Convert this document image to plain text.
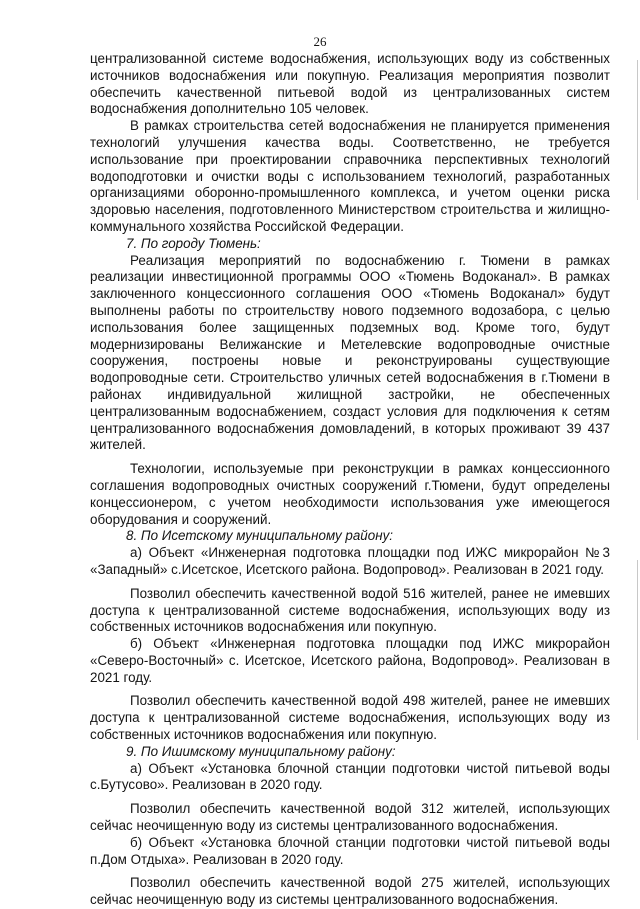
26

централизованной системе водоснабжения, использующих воду из собственных источников водоснабжения или покупную. Реализация мероприятия позволит обеспечить качественной питьевой водой из централизованных систем водоснабжения дополнительно 105 человек.

В рамках строительства сетей водоснабжения не планируется применения технологий улучшения качества воды. Соответственно, не требуется использование при проектировании справочника перспективных технологий водоподготовки и очистки воды с использованием технологий, разработанных организациями оборонно-промышленного комплекса, и учетом оценки риска здоровью населения, подготовленного Министерством строительства и жилищно-коммунального хозяйства Российской Федерации.

7. По городу Тюмень:

Реализация мероприятий по водоснабжению г. Тюмени в рамках реализации инвестиционной программы ООО «Тюмень Водоканал». В рамках заключенного концессионного соглашения ООО «Тюмень Водоканал» будут выполнены работы по строительству нового подземного водозабора, с целью использования более защищенных подземных вод. Кроме того, будут модернизированы Велижанские и Метелевские водопроводные очистные сооружения, построены новые и реконструированы существующие водопроводные сети. Строительство уличных сетей водоснабжения в г.Тюмени в районах индивидуальной жилищной застройки, не обеспеченных централизованным водоснабжением, создаст условия для подключения к сетям централизованного водоснабжения домовладений, в которых проживают 39 437 жителей.

Технологии, используемые при реконструкции в рамках концессионного соглашения водопроводных очистных сооружений г.Тюмени, будут определены концессионером, с учетом необходимости использования уже имеющегося оборудования и сооружений.

8. По Исетскому муниципальному району:

а) Объект «Инженерная подготовка площадки под ИЖС микрорайон №3 «Западный» с.Исетское, Исетского района. Водопровод». Реализован в 2021 году.

Позволил обеспечить качественной водой 516 жителей, ранее не имевших доступа к централизованной системе водоснабжения, использующих воду из собственных источников водоснабжения или покупную.

б) Объект «Инженерная подготовка площадки под ИЖС микрорайон «Северо-Восточный» с. Исетское, Исетского района, Водопровод». Реализован в 2021 году.

Позволил обеспечить качественной водой 498 жителей, ранее не имевших доступа к централизованной системе водоснабжения, использующих воду из собственных источников водоснабжения или покупную.

9. По Ишимскому муниципальному району:

а) Объект «Установка блочной станции подготовки чистой питьевой воды с.Бутусово». Реализован в 2020 году.

Позволил обеспечить качественной водой 312 жителей, использующих сейчас неочищенную воду из системы централизованного водоснабжения.

б) Объект «Установка блочной станции подготовки чистой питьевой воды п.Дом Отдыха». Реализован в 2020 году.

Позволил обеспечить качественной водой 275 жителей, использующих сейчас неочищенную воду из системы централизованного водоснабжения.
